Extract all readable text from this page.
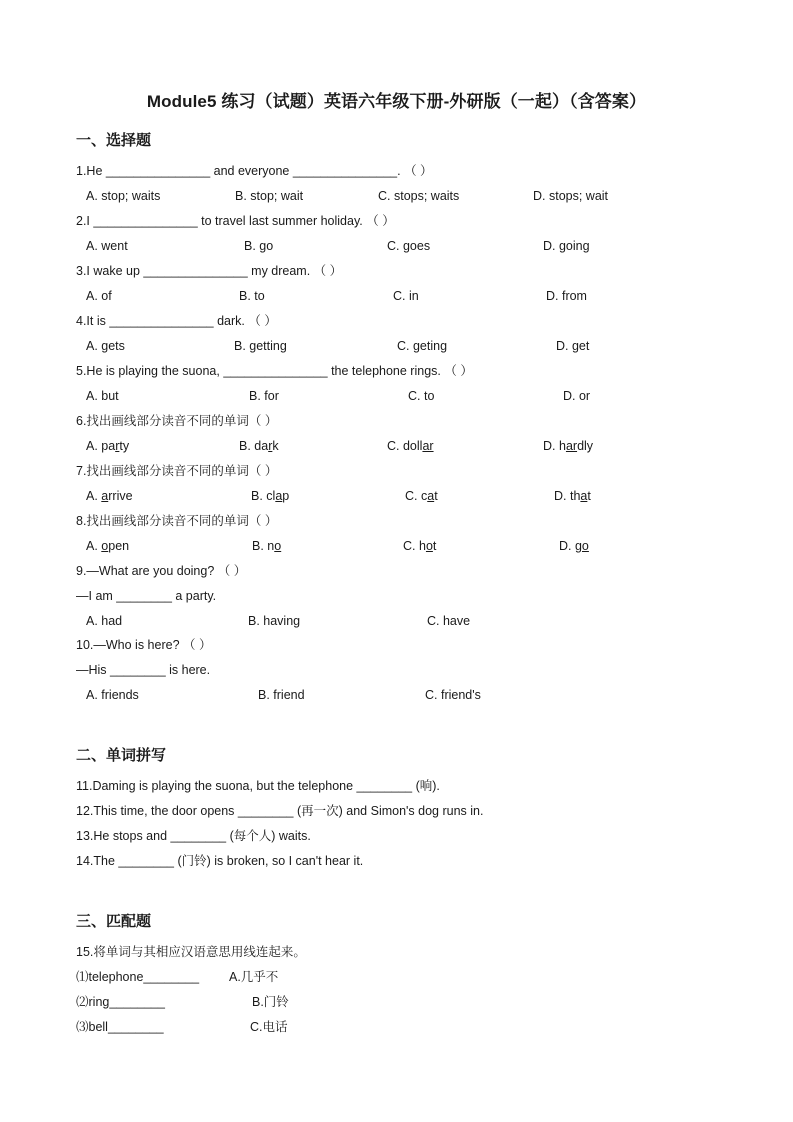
Module5 练习（试题）英语六年级下册-外研版（一起）（含答案）
一、选择题
1.He _______________ and everyone _______________. （ ）
A. stop; waits	B. stop; wait	C. stops; waits	D. stops; wait
2.I _______________ to travel last summer holiday. （ ）
A. went	B. go	C. goes	D. going
3.I wake up _______________ my dream. （ ）
A. of	B. to	C. in	D. from
4.It is _______________ dark. （ ）
A. gets	B. getting	C. geting	D. get
5.He is playing the suona, _______________ the telephone rings. （ ）
A. but	B. for	C. to	D. or
6.找出画线部分读音不同的单词（ ）
A. party	B. dark	C. dollar	D. hardly
7.找出画线部分读音不同的单词（ ）
A. arrive	B. clap	C. cat	D. that
8.找出画线部分读音不同的单词（ ）
A. open	B. no	C. hot	D. go
9.—What are you doing? （ ）
—I am ________ a party.
A. had	B. having	C. have
10.—Who is here? （ ）
—His ________ is here.
A. friends	B. friend	C. friend's
二、单词拼写
11.Daming is playing the suona, but the telephone ________ (响).
12.This time, the door opens ________ (再一次) and Simon's dog runs in.
13.He stops and ________ (每个人) waits.
14.The ________ (门铃) is broken, so I can't hear it.
三、匹配题
15.将单词与其相应汉语意思用线连起来。
⑴telephone________ A.几乎不
⑵ring________	B.门铃
⑶bell________	C.电话
